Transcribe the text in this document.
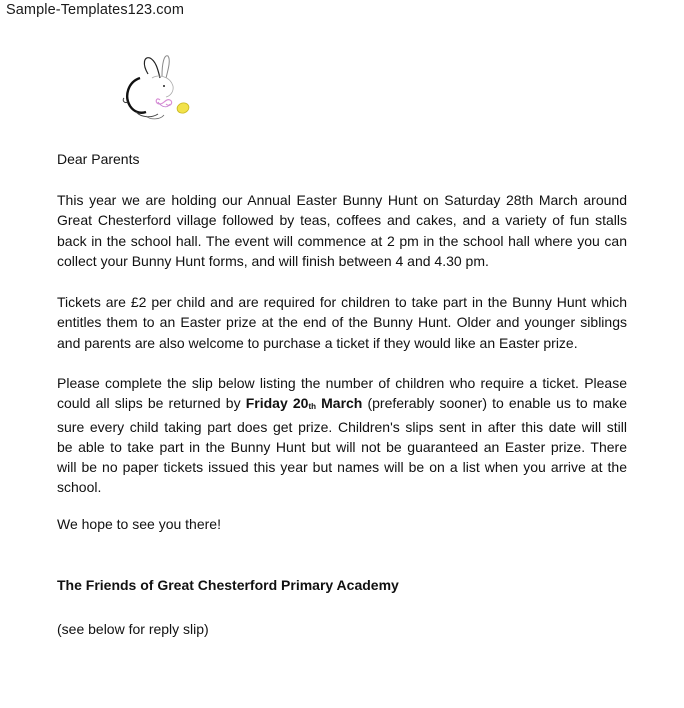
Sample-Templates123.com
Dear Parents
This year we are holding our Annual Easter Bunny Hunt on Saturday 28th March around
Great Chesterford village followed by teas, coffees and cakes, and a variety of fun stalls
back in the school hall. The event will commence at 2 pm in the school hall where you can
collect your Bunny Hunt forms, and will finish between 4 and 4.30 pm.
Tickets are £2 per child and are required for children to take part in the Bunny Hunt which
entitles them to an Easter prize at the end of the Bunny Hunt. Older and younger siblings
and parents are also welcome to purchase a ticket if they would like an Easter prize.
Please complete the slip below listing the number of children who require a ticket. Please
could all slips be returned by Friday 20th March (preferably sooner) to enable us to make
sure every child taking part does get prize. Children's slips sent in after this date will still
be able to take part in the Bunny Hunt but will not be guaranteed an Easter prize. There
will be no paper tickets issued this year but names will be on a list when you arrive at the
school.
We hope to see you there!
The Friends of Great Chesterford Primary Academy
(see below for reply slip)
